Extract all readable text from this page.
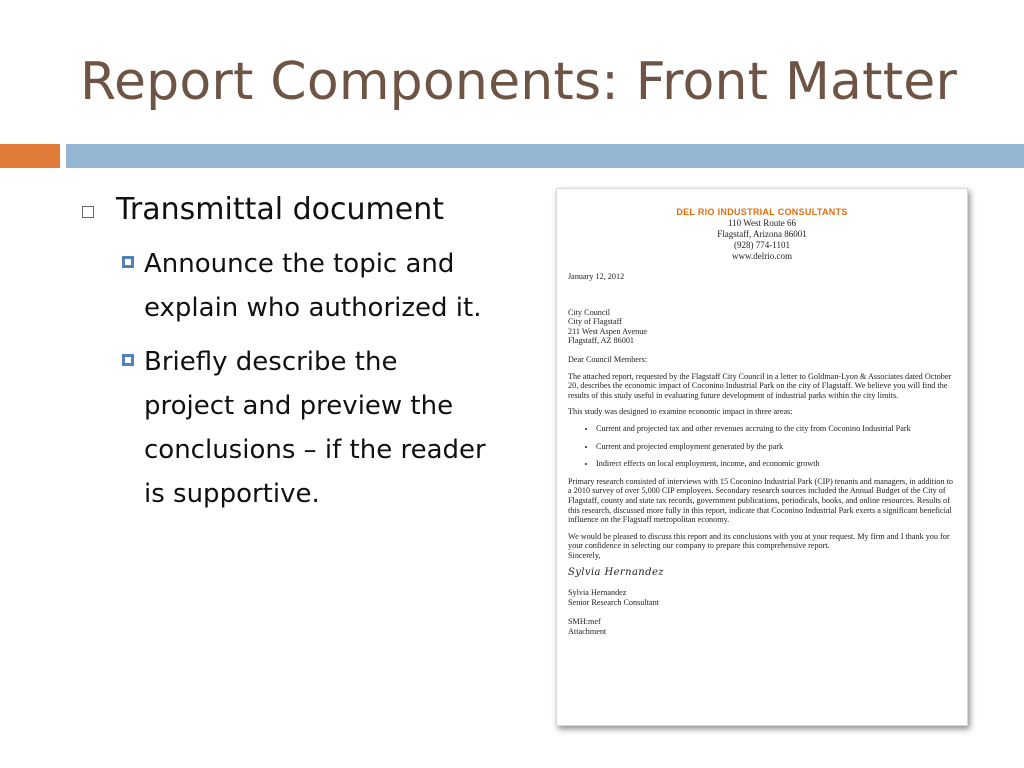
Report Components: Front Matter
Transmittal document
Announce the topic and explain who authorized it.
Briefly describe the project and preview the conclusions – if the reader is supportive.
DEL RIO INDUSTRIAL CONSULTANTS
110 West Route 66
Flagstaff, Arizona 86001
(928) 774-1101
www.delrio.com

January 12, 2012

City Council
City of Flagstaff
211 West Aspen Avenue
Flagstaff, AZ 86001

Dear Council Members:

The attached report, requested by the Flagstaff City Council in a letter to Goldman-Lyon & Associates dated October 20, describes the economic impact of Coconino Industrial Park on the city of Flagstaff. We believe you will find the results of this study useful in evaluating future development of industrial parks within the city limits.

This study was designed to examine economic impact in three areas:

• Current and projected tax and other revenues accruing to the city from Coconino Industrial Park
• Current and projected employment generated by the park
• Indirect effects on local employment, income, and economic growth

Primary research consisted of interviews with 15 Coconino Industrial Park (CIP) tenants and managers, in addition to a 2010 survey of over 5,000 CIP employees. Secondary research sources included the Annual Budget of the City of Flagstaff, county and state tax records, government publications, periodicals, books, and online resources. Results of this research, discussed more fully in this report, indicate that Coconino Industrial Park exerts a significant beneficial influence on the Flagstaff metropolitan economy.

We would be pleased to discuss this report and its conclusions with you at your request. My firm and I thank you for your confidence in selecting our company to prepare this comprehensive report.

Sincerely,
Sylvia Hernandez
Sylvia Hernandez
Senior Research Consultant
SMH:mef
Attachment
